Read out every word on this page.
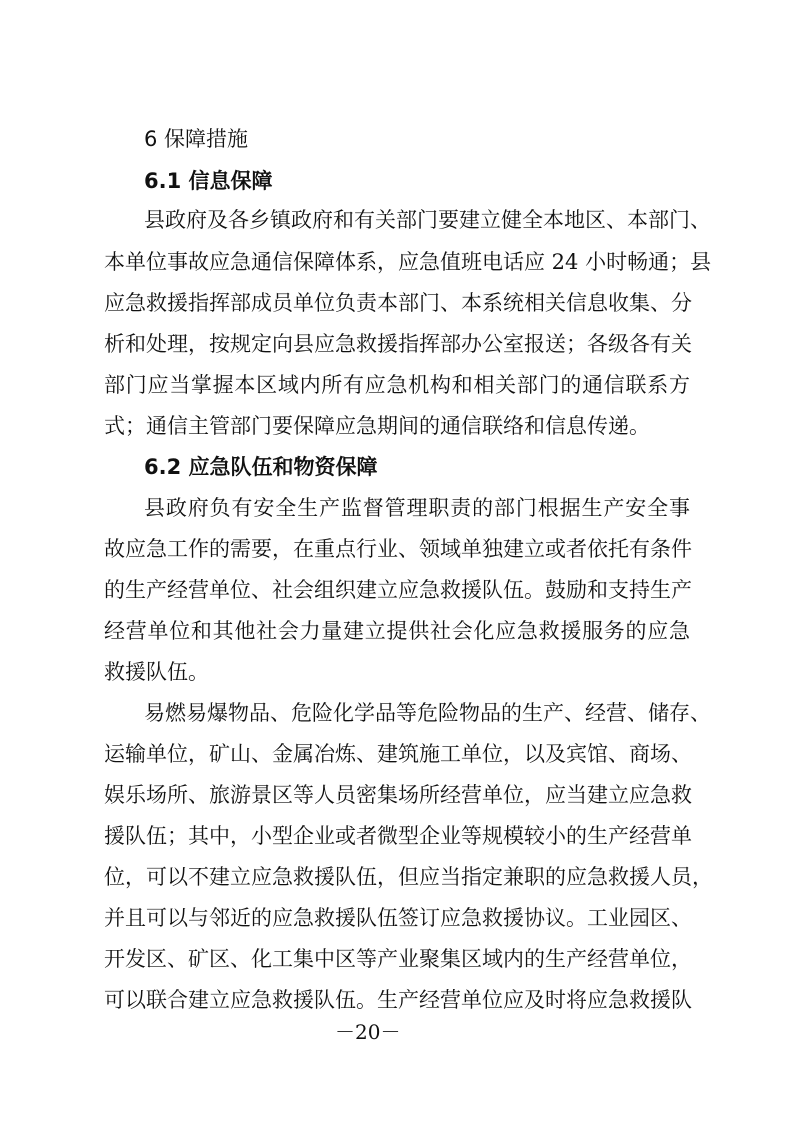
6 保障措施
6.1 信息保障
县政府及各乡镇政府和有关部门要建立健全本地区、本部门、
本单位事故应急通信保障体系，应急值班电话应 24 小时畅通；县
应急救援指挥部成员单位负责本部门、本系统相关信息收集、分
析和处理，按规定向县应急救援指挥部办公室报送；各级各有关
部门应当掌握本区域内所有应急机构和相关部门的通信联系方
式；通信主管部门要保障应急期间的通信联络和信息传递。
6.2 应急队伍和物资保障
县政府负有安全生产监督管理职责的部门根据生产安全事
故应急工作的需要，在重点行业、领域单独建立或者依托有条件
的生产经营单位、社会组织建立应急救援队伍。鼓励和支持生产
经营单位和其他社会力量建立提供社会化应急救援服务的应急
救援队伍。
易燃易爆物品、危险化学品等危险物品的生产、经营、储存、
运输单位，矿山、金属冶炼、建筑施工单位，以及宾馆、商场、
娱乐场所、旅游景区等人员密集场所经营单位，应当建立应急救
援队伍；其中，小型企业或者微型企业等规模较小的生产经营单
位，可以不建立应急救援队伍，但应当指定兼职的应急救援人员，
并且可以与邻近的应急救援队伍签订应急救援协议。工业园区、
开发区、矿区、化工集中区等产业聚集区域内的生产经营单位，
可以联合建立应急救援队伍。生产经营单位应及时将应急救援队
－20－
